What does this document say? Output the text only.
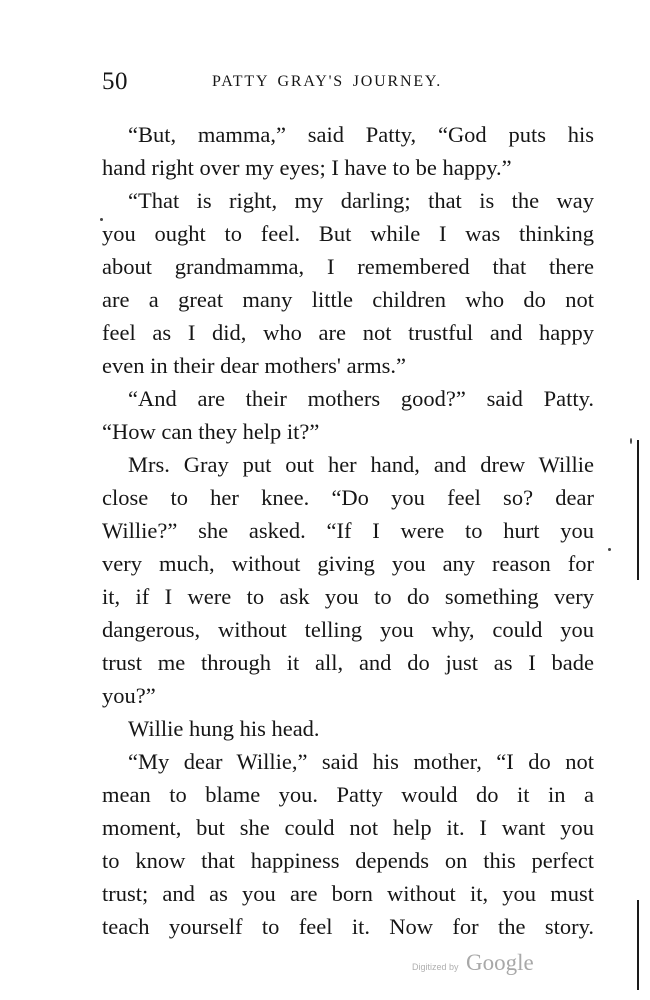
50	PATTY GRAY'S JOURNEY.
“But, mamma,” said Patty, “God puts his
hand right over my eyes; I have to be happy.”
“That is right, my darling; that is the way
you ought to feel. But while I was thinking
about grandmamma, I remembered that there
are a great many little children who do not
feel as I did, who are not trustful and happy
even in their dear mothers' arms.”
“And are their mothers good?” said Patty.
“How can they help it?”
Mrs. Gray put out her hand, and drew Willie
close to her knee. “Do you feel so? dear
Willie?” she asked. “If I were to hurt you
very much, without giving you any reason for
it, if I were to ask you to do something very
dangerous, without telling you why, could you
trust me through it all, and do just as I bade
you?”
Willie hung his head.
“My dear Willie,” said his mother, “I do not
mean to blame you. Patty would do it in a
moment, but she could not help it. I want you
to know that happiness depends on this perfect
trust; and as you are born without it, you must
teach yourself to feel it. Now for the story.
Digitized by Google
